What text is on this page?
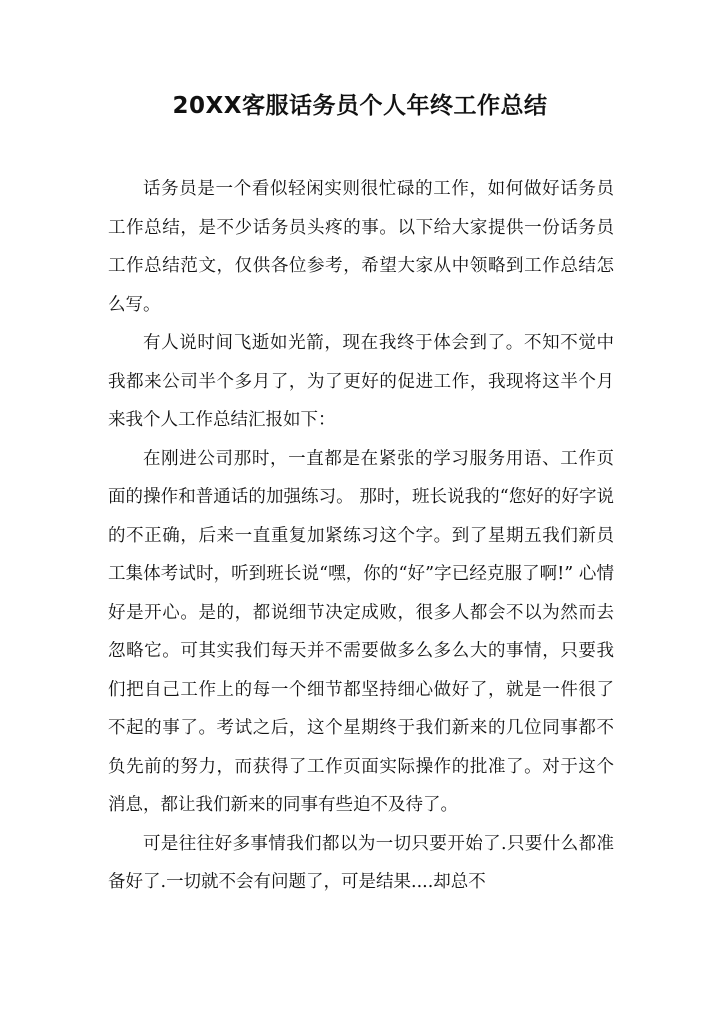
20XX客服话务员个人年终工作总结

话务员是一个看似轻闲实则很忙碌的工作，如何做好话务员工作总结，是不少话务员头疼的事。以下给大家提供一份话务员工作总结范文，仅供各位参考，希望大家从中领略到工作总结怎么写。

有人说时间飞逝如光箭，现在我终于体会到了。不知不觉中我都来公司半个多月了，为了更好的促进工作，我现将这半个月来我个人工作总结汇报如下：

在刚进公司那时，一直都是在紧张的学习服务用语、工作页面的操作和普通话的加强练习。 那时，班长说我的“您好的好字说的不正确，后来一直重复加紧练习这个字。到了星期五我们新员工集体考试时，听到班长说“嘿，你的“好”字已经克服了啊!” 心情好是开心。是的，都说细节决定成败，很多人都会不以为然而去忽略它。可其实我们每天并不需要做多么多么大的事情，只要我们把自己工作上的每一个细节都坚持细心做好了，就是一件很了不起的事了。考试之后，这个星期终于我们新来的几位同事都不负先前的努力，而获得了工作页面实际操作的批准了。对于这个消息，都让我们新来的同事有些迫不及待了。

可是往往好多事情我们都以为一切只要开始了.只要什么都准备好了.一切就不会有问题了，可是结果....却总不
